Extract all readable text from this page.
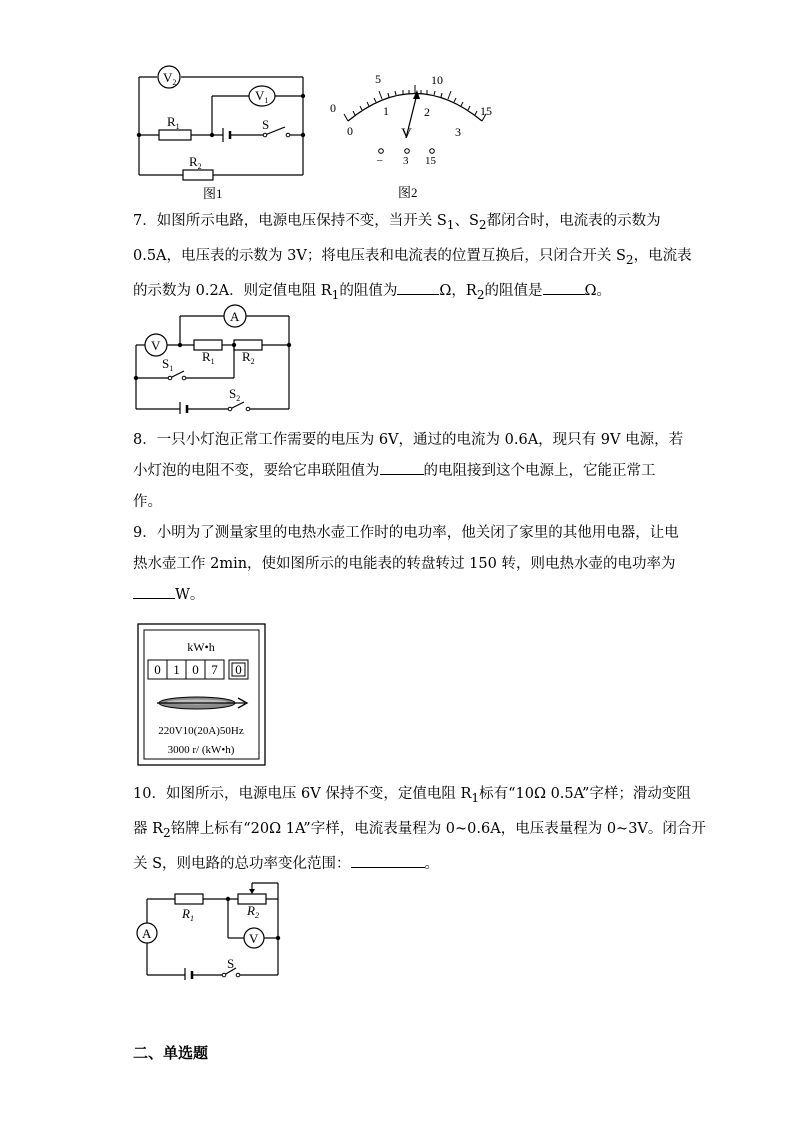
$V_2$
$V_1$
$R_1$
$R_2$
S
图1
0
5	10
15
0
1	2
3
V
– 3 15
图2
7．如图所示电路，电源电压保持不变，当开关 $S_1$、$S_2$都闭合时，电流表的示数为
0.5A，电压表的示数为 3V；将电压表和电流表的位置互换后，只闭合开关 $S_2$，电流表
的示数为 0.2A．则定值电阻 $R_1$的阻值为	Ω，$R_2$的阻值是	Ω。
A
V
$R_1$ $R_2$
$S_1$
$S_2$
8．一只小灯泡正常工作需要的电压为 6V，通过的电流为 0.6A，现只有 9V 电源，若
小灯泡的电阻不变，要给它串联阻值为	的电阻接到这个电源上，它能正常工
作。
9．小明为了测量家里的电热水壶工作时的电功率，他关闭了家里的其他用电器，让电
热水壶工作 2min，使如图所示的电能表的转盘转过 150 转，则电热水壶的电功率为
W。
kW•h
0 1 0 7 0
220V10(20A)50Hz
3000 r/ (kW•h)
10．如图所示，电源电压 6V 保持不变，定值电阻 $R_1$标有“10Ω 0.5A”字样；滑动变阻
器 $R_2$铭牌上标有“20Ω 1A”字样，电流表量程为 0~0.6A，电压表量程为 0~3V。闭合开
关 S，则电路的总功率变化范围：	。
A	V
$R_1$
$R_2$
S
二、单选题
